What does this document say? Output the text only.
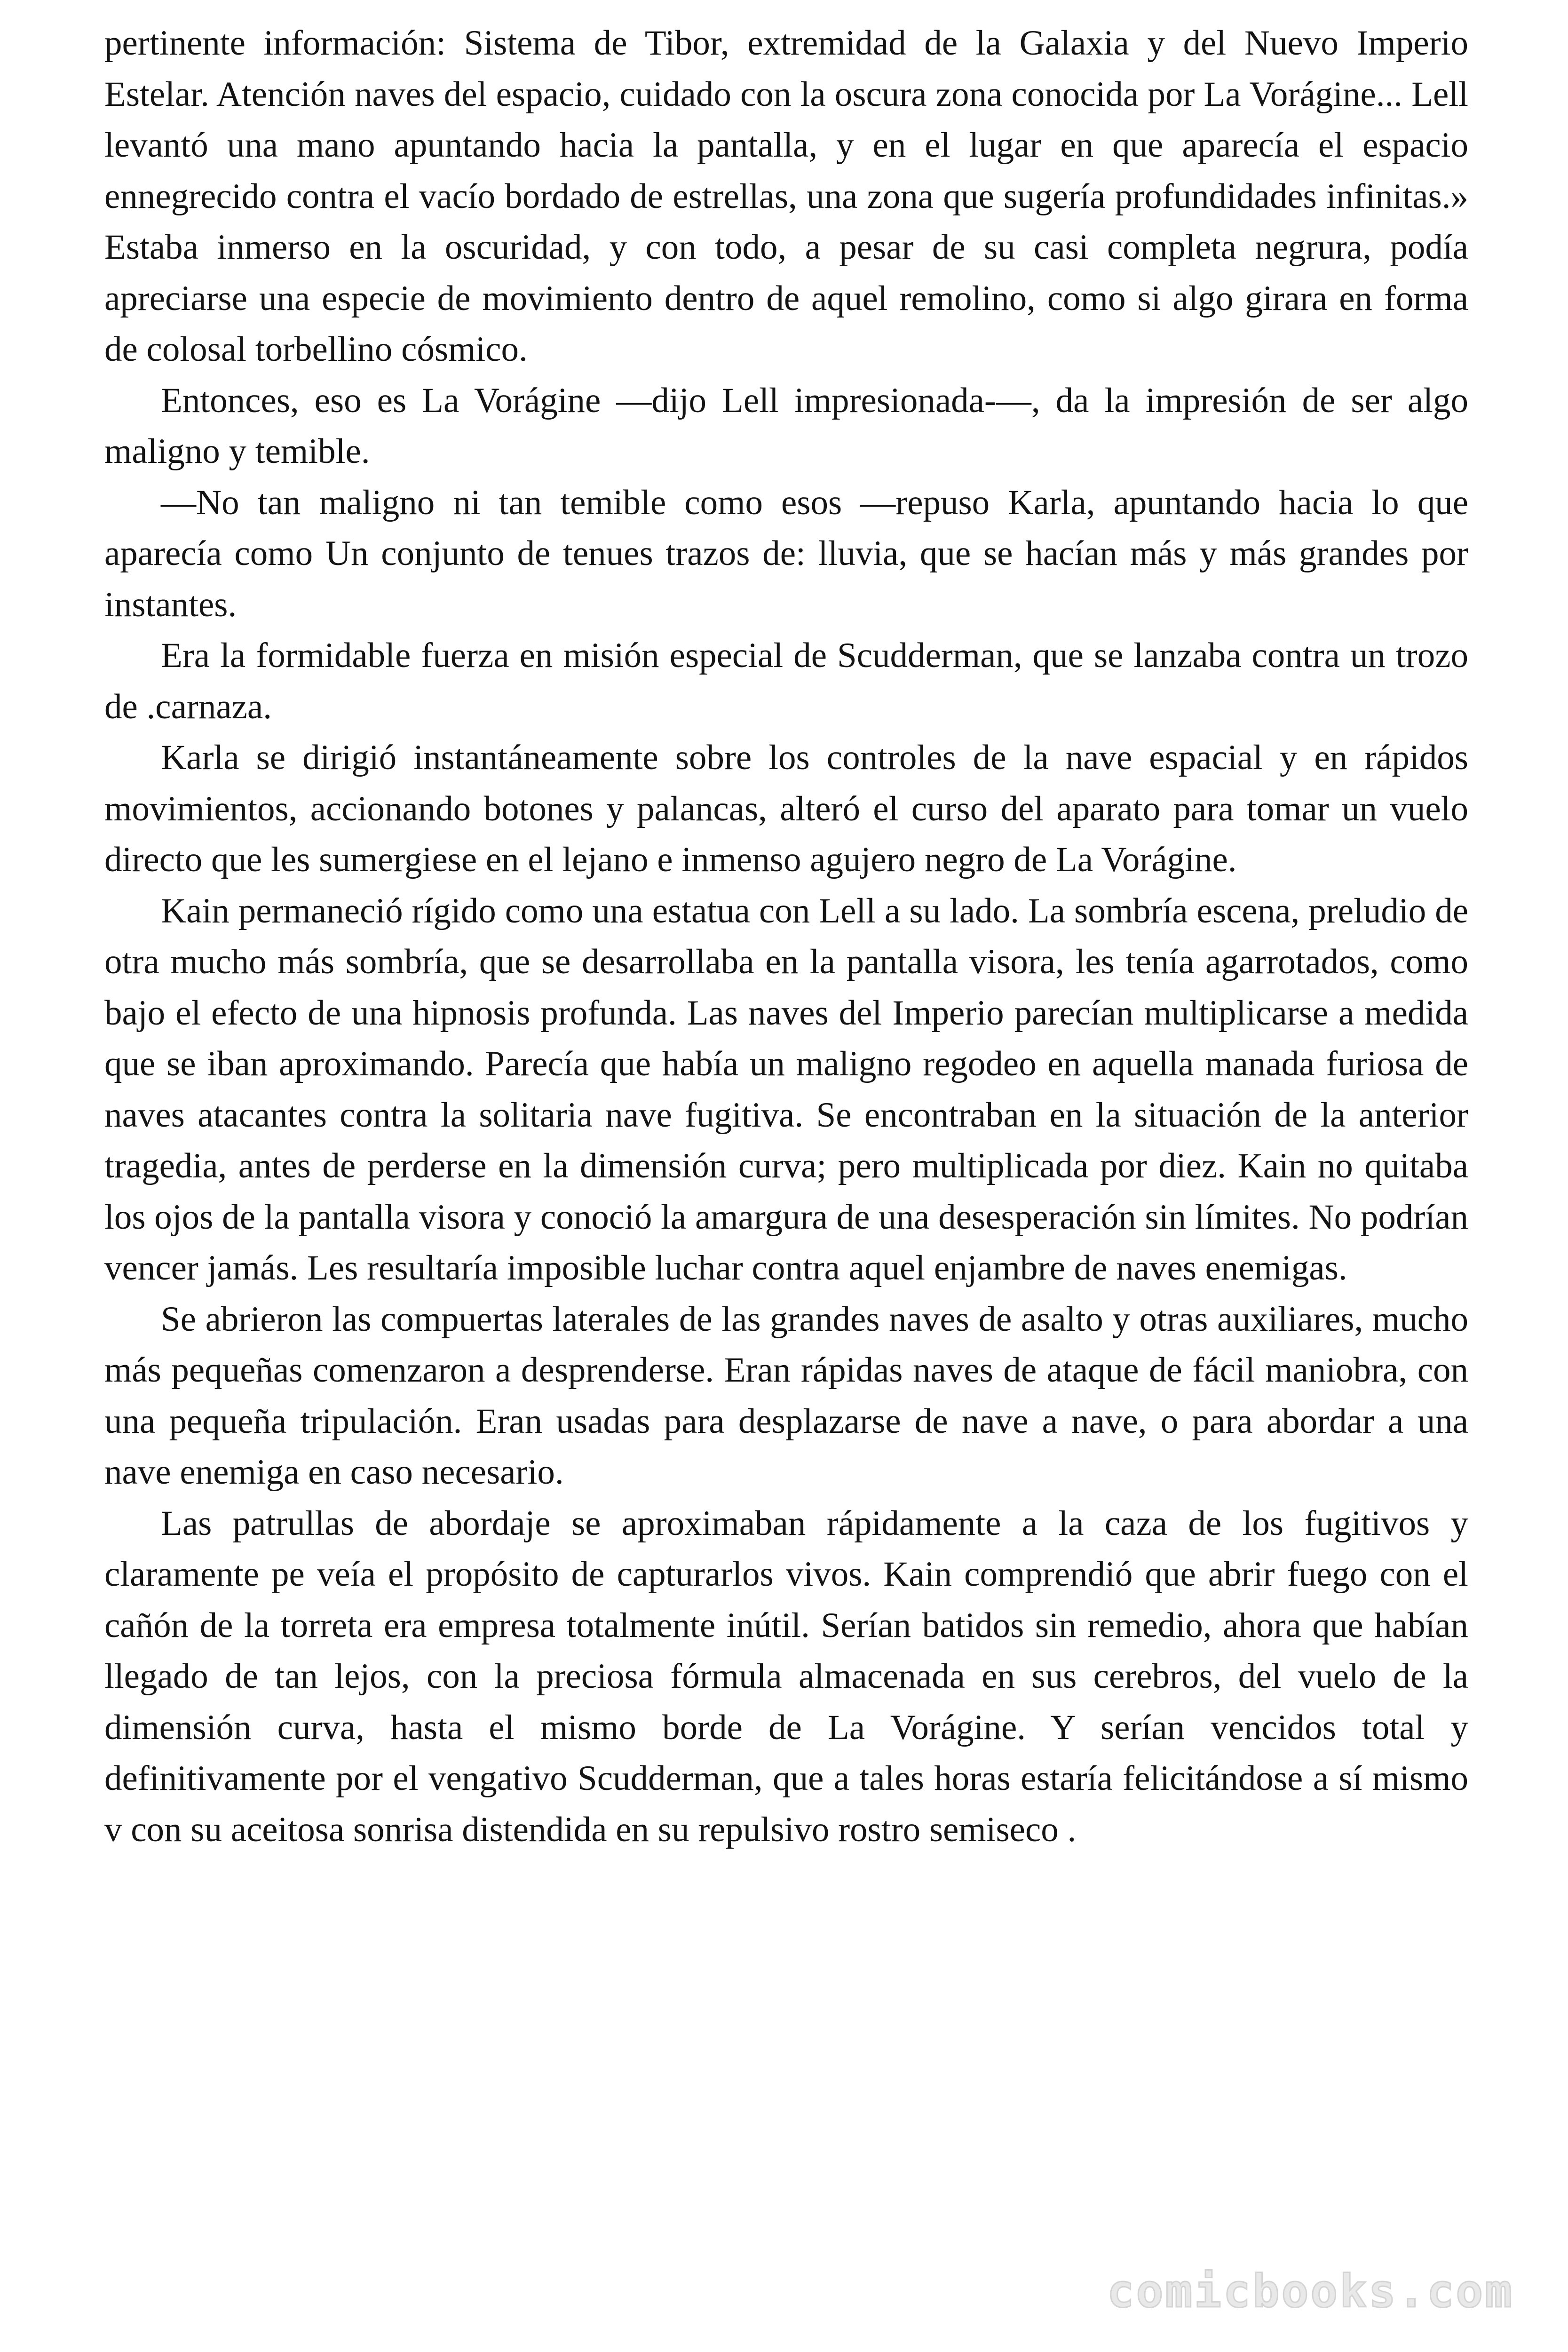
pertinente información: Sistema de Tibor, extremidad de la Galaxia y del Nuevo Imperio Estelar. Atención naves del espacio, cuidado con la oscura zona conocida por La Vorágine... Lell levantó una mano apuntando hacia la pantalla, y en el lugar en que aparecía el espacio ennegrecido contra el vacío bordado de estrellas, una zona que sugería profundidades infinitas.» Estaba inmerso en la oscuridad, y con todo, a pesar de su casi completa negrura, podía apreciarse una especie de movimiento dentro de aquel remolino, como si algo girara en forma de colosal torbellino cósmico.

Entonces, eso es La Vorágine —dijo Lell impresionada-—, da la impresión de ser algo maligno y temible.

—No tan maligno ni tan temible como esos —repuso Karla, apuntando hacia lo que aparecía como Un conjunto de tenues trazos de: lluvia, que se hacían más y más grandes por instantes.

Era la formidable fuerza en misión especial de Scudderman, que se lanzaba contra un trozo de .carnaza.

Karla se dirigió instantáneamente sobre los controles de la nave espacial y en rápidos movimientos, accionando botones y palancas, alteró el curso del aparato para tomar un vuelo directo que les sumergiese en el lejano e inmenso agujero negro de La Vorágine.

Kain permaneció rígido como una estatua con Lell a su lado. La sombría escena, preludio de otra mucho más sombría, que se desarrollaba en la pantalla visora, les tenía agarrotados, como bajo el efecto de una hipnosis profunda. Las naves del Imperio parecían multiplicarse a medida que se iban aproximando. Parecía que había un maligno regodeo en aquella manada furiosa de naves atacantes contra la solitaria nave fugitiva. Se encontraban en la situación de la anterior tragedia, antes de perderse en la dimensión curva; pero multiplicada por diez. Kain no quitaba los ojos de la pantalla visora y conoció la amargura de una desesperación sin límites. No podrían vencer jamás. Les resultaría imposible luchar contra aquel enjambre de naves enemigas.

Se abrieron las compuertas laterales de las grandes naves de asalto y otras auxiliares, mucho más pequeñas comenzaron a desprenderse. Eran rápidas naves de ataque de fácil maniobra, con una pequeña tripulación. Eran usadas para desplazarse de nave a nave, o para abordar a una nave enemiga en caso necesario.

Las patrullas de abordaje se aproximaban rápidamente a la caza de los fugitivos y claramente pe veía el propósito de capturarlos vivos. Kain comprendió que abrir fuego con el cañón de la torreta era empresa totalmente inútil. Serían batidos sin remedio, ahora que habían llegado de tan lejos, con la preciosa fórmula almacenada en sus cerebros, del vuelo de la dimensión curva, hasta el mismo borde de La Vorágine. Y serían vencidos total y definitivamente por el vengativo Scudderman, que a tales horas estaría felicitándose a sí mismo v con su aceitosa sonrisa distendida en su repulsivo rostro semiseco .

comicbooks.com
